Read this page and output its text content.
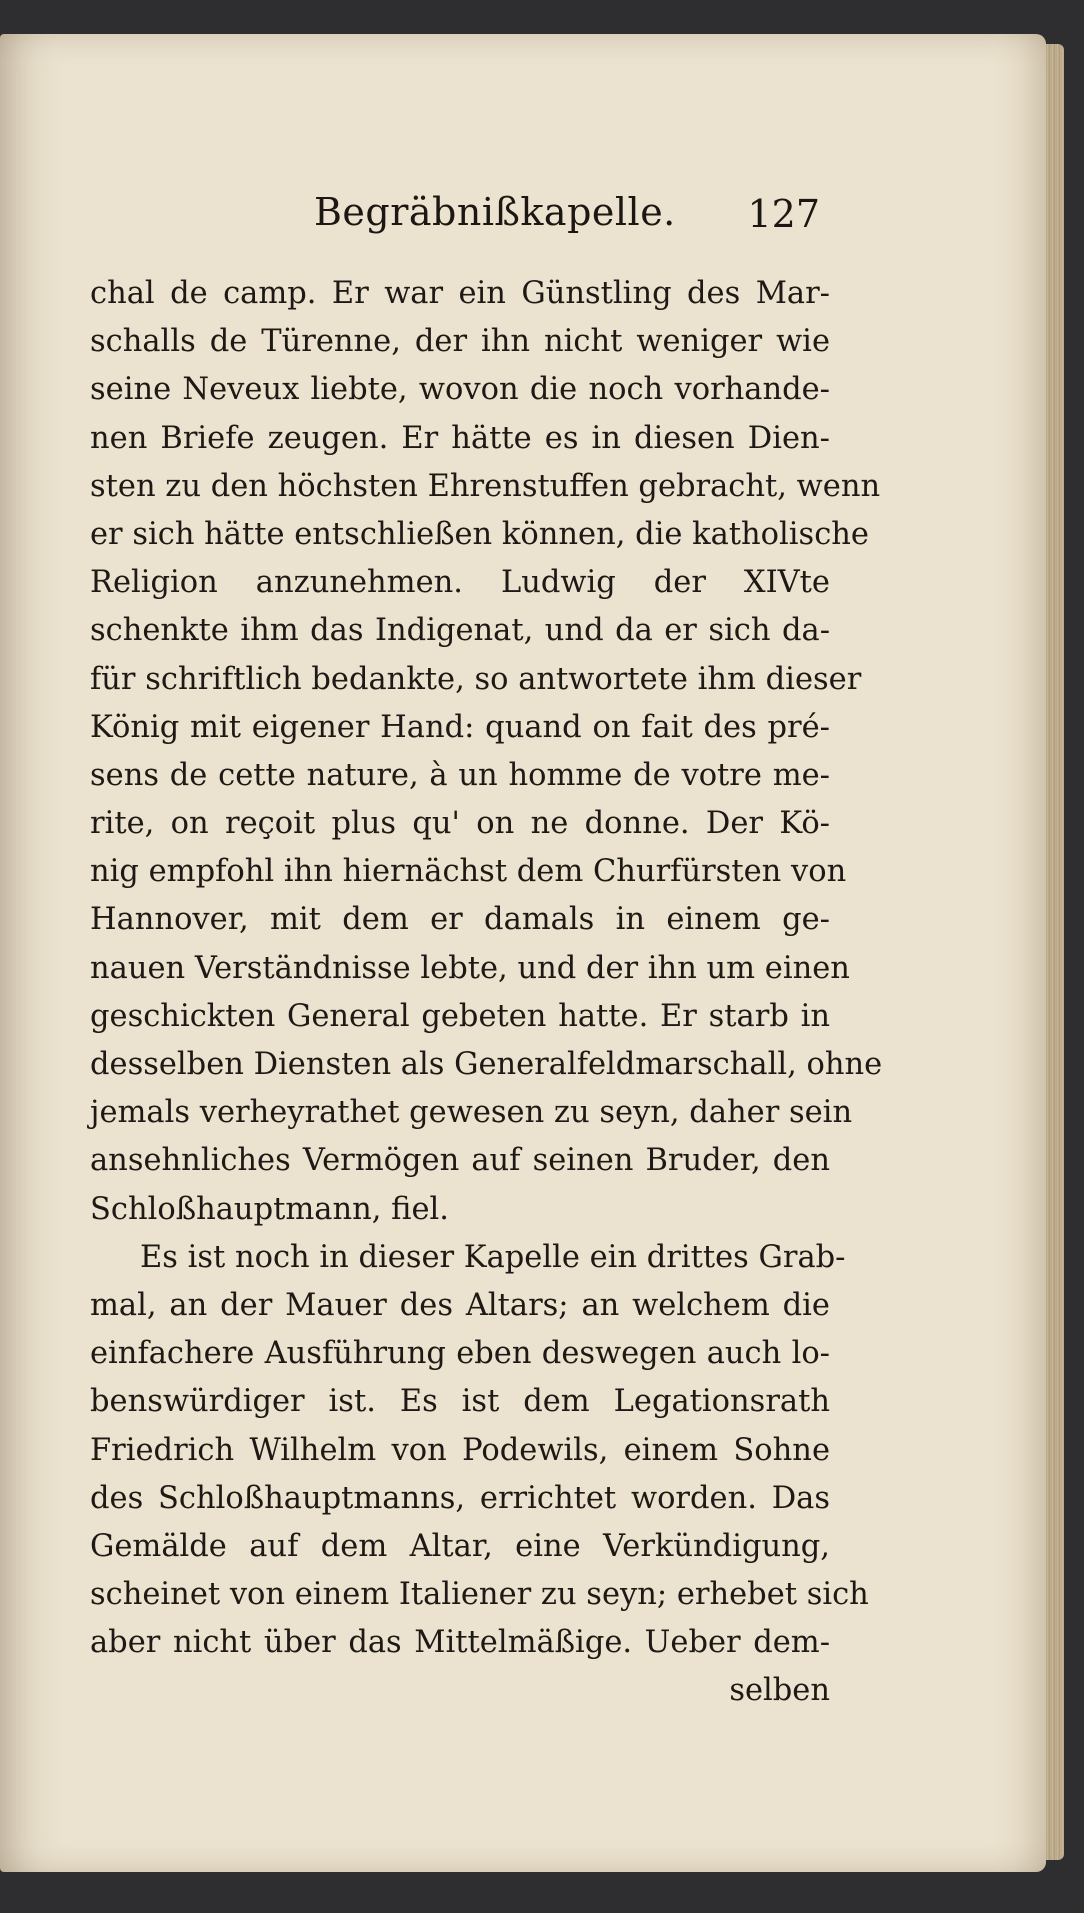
Begräbnißkapelle. 127
chal de camp. Er war ein Günstling des Mar-
schalls de Türenne, der ihn nicht weniger wie
seine Neveux liebte, wovon die noch vorhande-
nen Briefe zeugen. Er hätte es in diesen Dien-
sten zu den höchsten Ehrenstuffen gebracht, wenn
er sich hätte entschließen können, die katholische
Religion anzunehmen. Ludwig der XIVte
schenkte ihm das Indigenat, und da er sich da-
für schriftlich bedankte, so antwortete ihm dieser
König mit eigener Hand: quand on fait des pré-
sens de cette nature, à un homme de votre me-
rite, on reçoit plus qu' on ne donne. Der Kö-
nig empfohl ihn hiernächst dem Churfürsten von
Hannover, mit dem er damals in einem ge-
nauen Verständnisse lebte, und der ihn um einen
geschickten General gebeten hatte. Er starb in
desselben Diensten als Generalfeldmarschall, ohne
jemals verheyrathet gewesen zu seyn, daher sein
ansehnliches Vermögen auf seinen Bruder, den
Schloßhauptmann, fiel.
Es ist noch in dieser Kapelle ein drittes Grab-
mal, an der Mauer des Altars; an welchem die
einfachere Ausführung eben deswegen auch lo-
benswürdiger ist. Es ist dem Legationsrath
Friedrich Wilhelm von Podewils, einem Sohne
des Schloßhauptmanns, errichtet worden. Das
Gemälde auf dem Altar, eine Verkündigung,
scheinet von einem Italiener zu seyn; erhebet sich
aber nicht über das Mittelmäßige. Ueber dem-
selben
